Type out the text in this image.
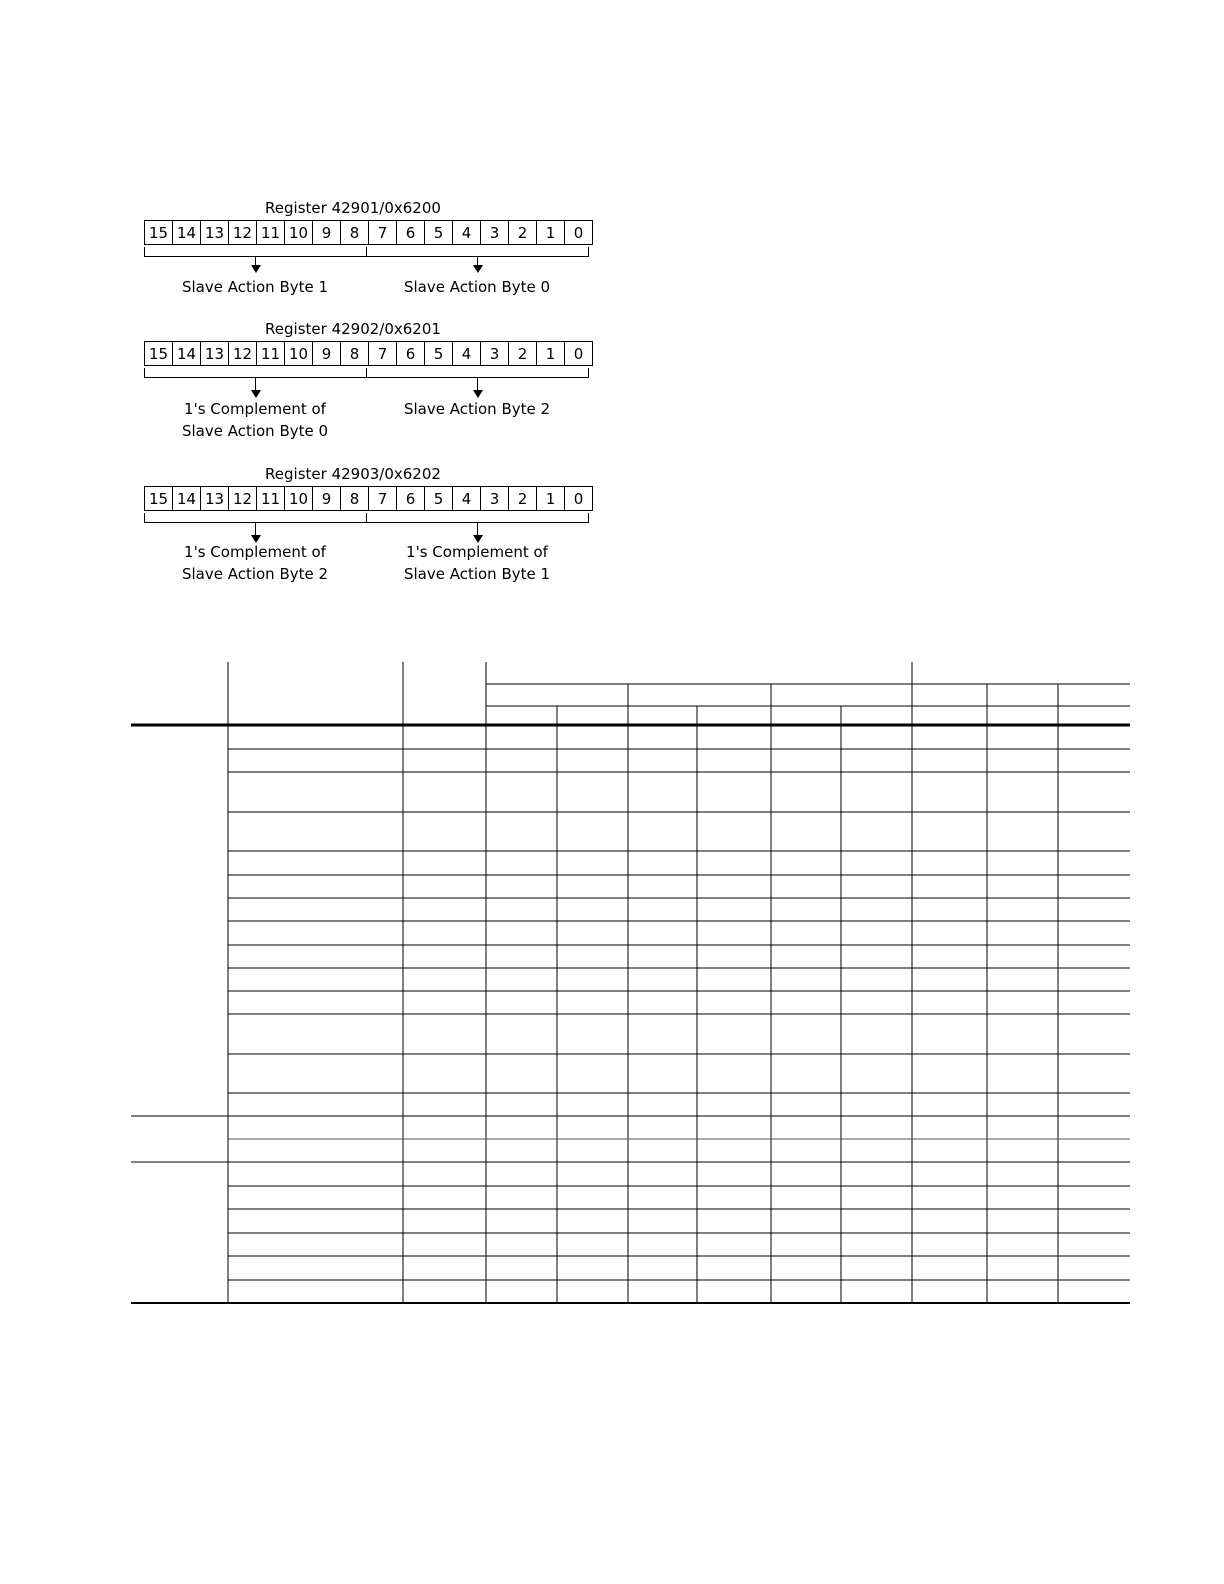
Register 42901/0x6200
15 14 13 12 11 10 9	8	7	6	5	4	3	2	1	0
Slave Action Byte 1	Slave Action Byte 0
Register 42902/0x6201
15 14 13 12 11 10 9	8	7	6	5	4	3	2	1	0
1's Complement of
Slave Action Byte 0
Slave Action Byte 2
Register 42903/0x6202
15 14 13 12 11 10 9	8	7	6	5	4	3	2	1	0
1's Complement of
Slave Action Byte 2
1's Complement of
Slave Action Byte 1
